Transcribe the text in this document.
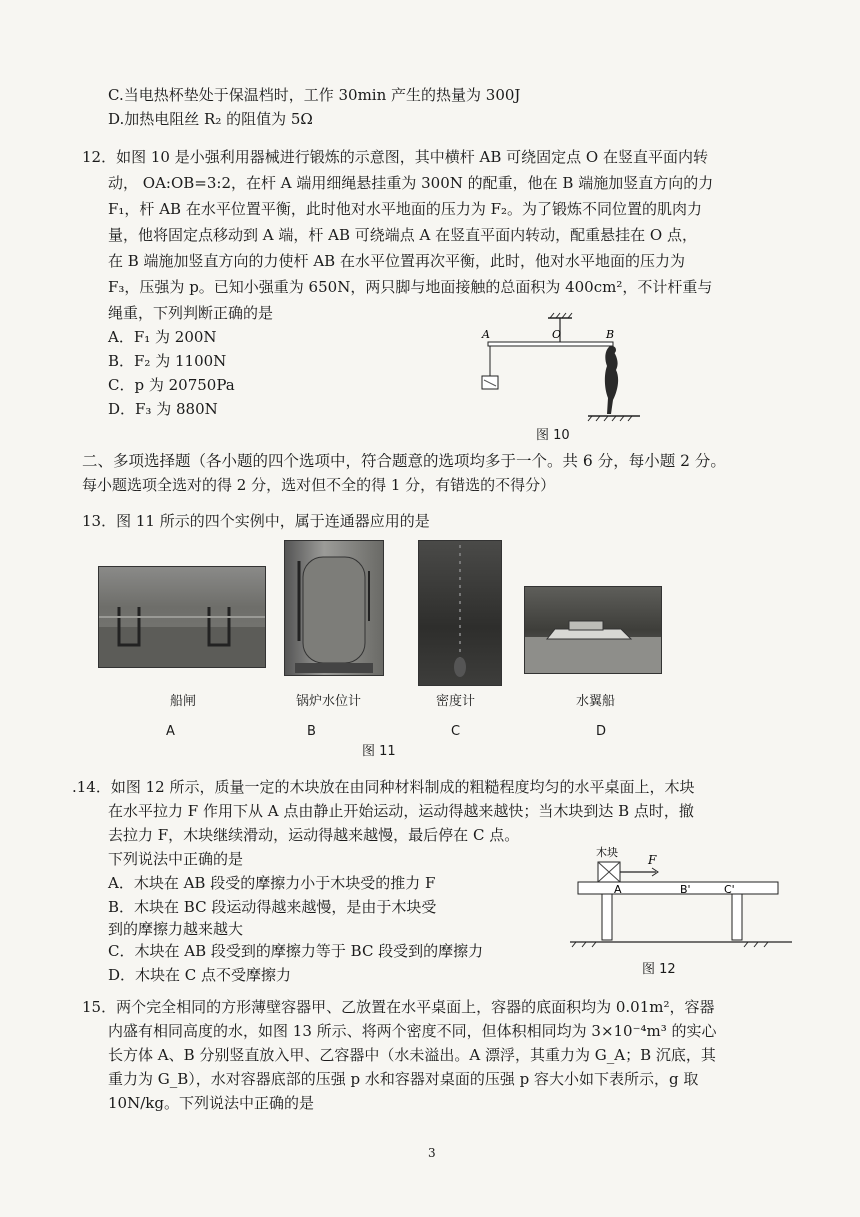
C.当电热杯垫处于保温档时，工作 30min 产生的热量为 300J
D.加热电阻丝 R₂ 的阻值为 5Ω
12．如图 10 是小强利用器械进行锻炼的示意图，其中横杆 AB 可绕固定点 O 在竖直平面内转
动， OA:OB=3:2，在杆 A 端用细绳悬挂重为 300N 的配重，他在 B 端施加竖直方向的力
F₁，杆 AB 在水平位置平衡，此时他对水平地面的压力为 F₂。为了锻炼不同位置的肌肉力
量，他将固定点移动到 A 端，杆 AB 可绕端点 A 在竖直平面内转动，配重悬挂在 O 点，
在 B 端施加竖直方向的力使杆 AB 在水平位置再次平衡，此时，他对水平地面的压力为
F₃，压强为 p。已知小强重为 650N，两只脚与地面接触的总面积为 400cm²，不计杆重与
绳重，下列判断正确的是
A．F₁ 为 200N
B．F₂ 为 1100N
C．p 为 20750Pa
D．F₃ 为 880N
A	O	B
图 10
二、多项选择题（各小题的四个选项中，符合题意的选项均多于一个。共 6 分，每小题 2 分。
每小题选项全选对的得 2 分，选对但不全的得 1 分，有错选的不得分）
13．图 11 所示的四个实例中，属于连通器应用的是
船闸	锅炉水位计	密度计	水翼船
A	B	C	D
图 11
.14．如图 12 所示，质量一定的木块放在由同种材料制成的粗糙程度均匀的水平桌面上，木块
在水平拉力 F 作用下从 A 点由静止开始运动，运动得越来越快；当木块到达 B 点时，撤
去拉力 F，木块继续滑动，运动得越来越慢，最后停在 C 点。
下列说法中正确的是
A．木块在 AB 段受的摩擦力小于木块受的推力 F
B．木块在 BC 段运动得越来越慢，是由于木块受
到的摩擦力越来越大
C．木块在 AB 段受到的摩擦力等于 BC 段受到的摩擦力
D．木块在 C 点不受摩擦力
木块
F
A	B'	C'
图 12
15．两个完全相同的方形薄壁容器甲、乙放置在水平桌面上，容器的底面积均为 0.01m²，容器
内盛有相同高度的水，如图 13 所示、将两个密度不同，但体积相同均为 3×10⁻⁴m³ 的实心
长方体 A、B 分别竖直放入甲、乙容器中（水未溢出。A 漂浮，其重力为 G_A；B 沉底，其
重力为 G_B），水对容器底部的压强 p 水和容器对桌面的压强 p 容大小如下表所示，g 取
10N/kg。下列说法中正确的是
3
